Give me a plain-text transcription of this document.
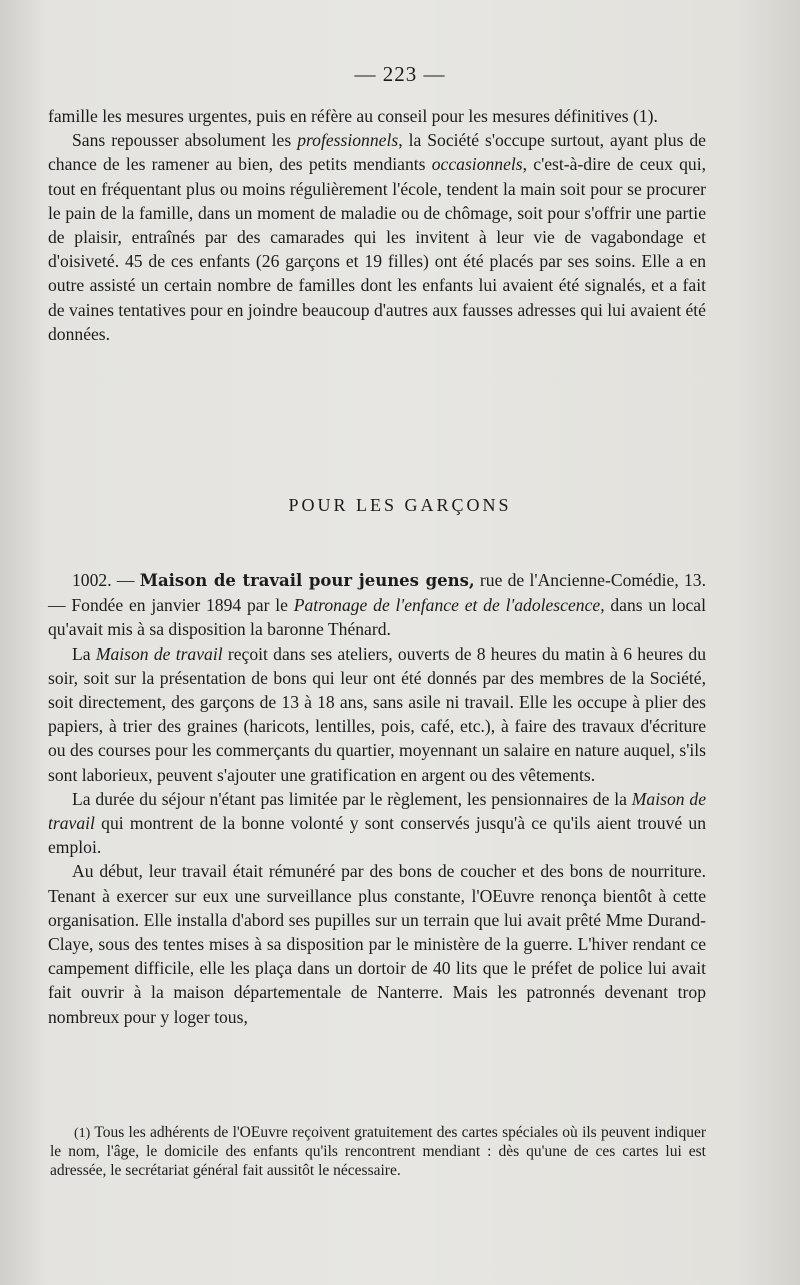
— 223 —

famille les mesures urgentes, puis en réfère au conseil pour les mesures définitives (1).

Sans repousser absolument les professionnels, la Société s'occupe surtout, ayant plus de chance de les ramener au bien, des petits mendiants occasionnels, c'est-à-dire de ceux qui, tout en fréquentant plus ou moins régulièrement l'école, tendent la main soit pour se procurer le pain de la famille, dans un moment de maladie ou de chômage, soit pour s'offrir une partie de plaisir, entraînés par des camarades qui les invitent à leur vie de vagabondage et d'oisiveté. 45 de ces enfants (26 garçons et 19 filles) ont été placés par ses soins. Elle a en outre assisté un certain nombre de familles dont les enfants lui avaient été signalés, et a fait de vaines tentatives pour en joindre beaucoup d'autres aux fausses adresses qui lui avaient été données.

POUR LES GARÇONS

1002. — Maison de travail pour jeunes gens, rue de l'Ancienne-Comédie, 13. — Fondée en janvier 1894 par le Patronage de l'enfance et de l'adolescence, dans un local qu'avait mis à sa disposition la baronne Thénard.

La Maison de travail reçoit dans ses ateliers, ouverts de 8 heures du matin à 6 heures du soir, soit sur la présentation de bons qui leur ont été donnés par des membres de la Société, soit directement, des garçons de 13 à 18 ans, sans asile ni travail. Elle les occupe à plier des papiers, à trier des graines (haricots, lentilles, pois, café, etc.), à faire des travaux d'écriture ou des courses pour les commerçants du quartier, moyennant un salaire en nature auquel, s'ils sont laborieux, peuvent s'ajouter une gratification en argent ou des vêtements.

La durée du séjour n'étant pas limitée par le règlement, les pensionnaires de la Maison de travail qui montrent de la bonne volonté y sont conservés jusqu'à ce qu'ils aient trouvé un emploi.

Au début, leur travail était rémunéré par des bons de coucher et des bons de nourriture. Tenant à exercer sur eux une surveillance plus constante, l'OEuvre renonça bientôt à cette organisation. Elle installa d'abord ses pupilles sur un terrain que lui avait prêté Mme Durand-Claye, sous des tentes mises à sa disposition par le ministère de la guerre. L'hiver rendant ce campement difficile, elle les plaça dans un dortoir de 40 lits que le préfet de police lui avait fait ouvrir à la maison départementale de Nanterre. Mais les patronnés devenant trop nombreux pour y loger tous,

(1) Tous les adhérents de l'OEuvre reçoivent gratuitement des cartes spéciales où ils peuvent indiquer le nom, l'âge, le domicile des enfants qu'ils rencontrent mendiant : dès qu'une de ces cartes lui est adressée, le secrétariat général fait aussitôt le nécessaire.
